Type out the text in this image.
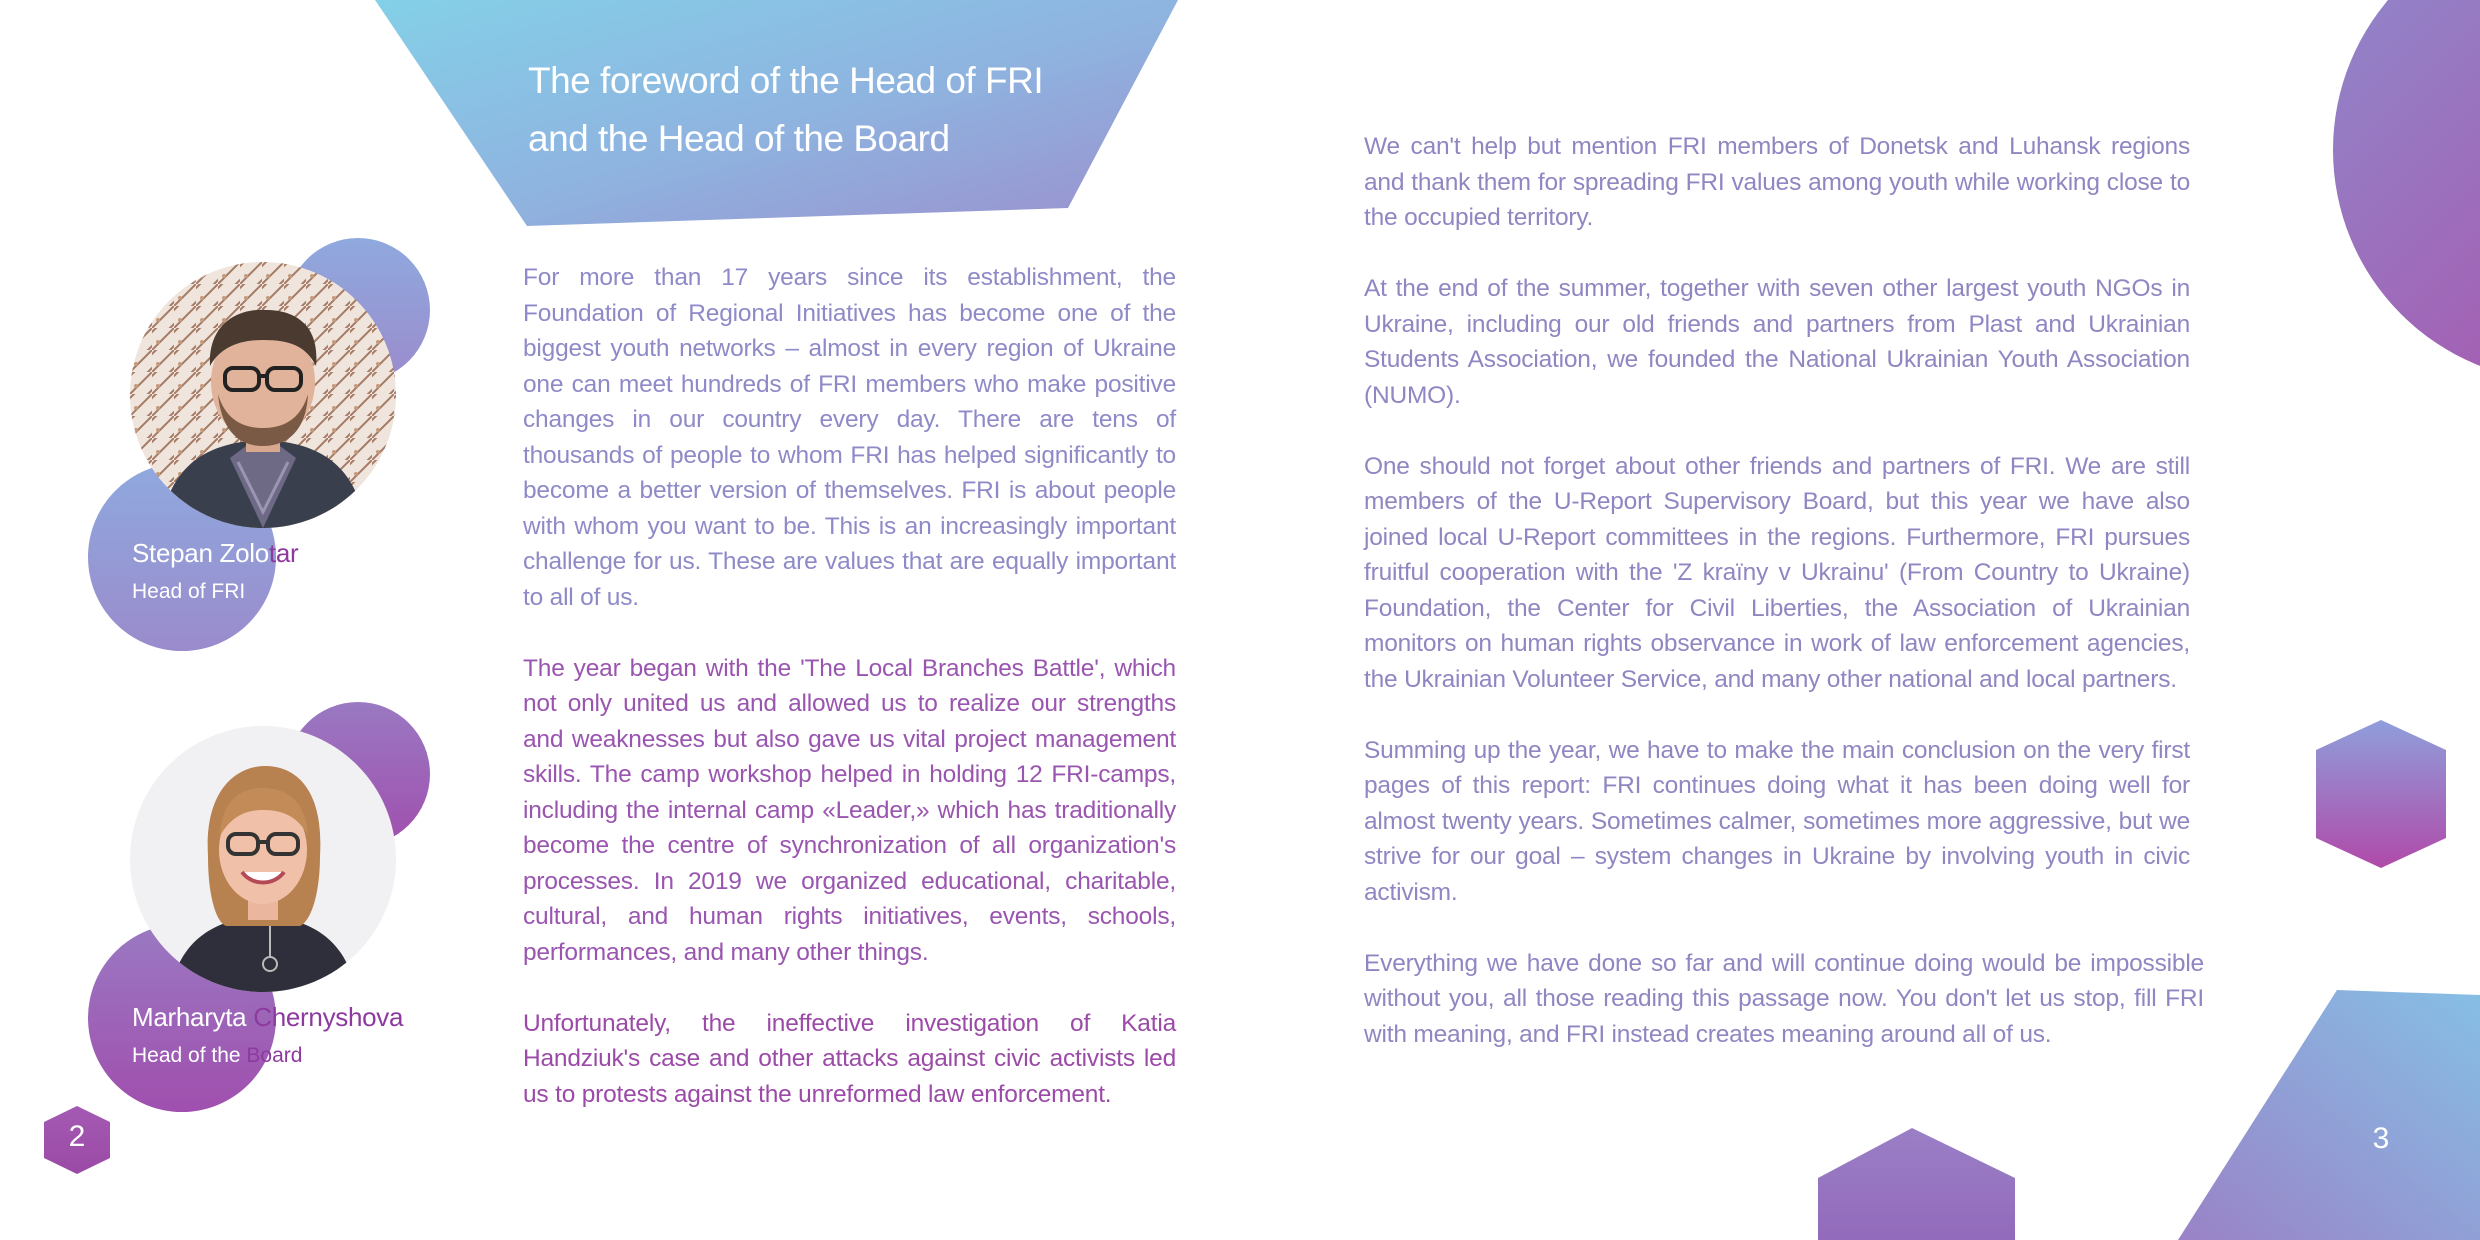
The foreword of the Head of FRI
and the Head of the Board
Stepan Zolotar
Head of FRI
Marharyta Chernyshova
Head of the Board

For more than 17 years since its establishment, the Foundation of Regional Initiatives has become one of the biggest youth networks – almost in every region of Ukraine one can meet hundreds of FRI members who make positive changes in our country every day. There are tens of thousands of people to whom FRI has helped significantly to become a better version of themselves. FRI is about people with whom you want to be. This is an increasingly important challenge for us. These are values that are equally important to all of us.

The year began with the 'The Local Branches Battle', which not only united us and allowed us to realize our strengths and weaknesses but also gave us vital project management skills. The camp workshop helped in holding 12 FRI-camps, including the internal camp «Leader,» which has traditionally become the centre of synchronization of all organization's processes. In 2019 we organized educational, charitable, cultural, and human rights initiatives, events, schools, performances, and many other things.

Unfortunately, the ineffective investigation of Katia Handziuk's case and other attacks against civic activists led us to protests against the unreformed law enforcement.

We can't help but mention FRI members of Donetsk and Luhansk regions and thank them for spreading FRI values among youth while working close to the occupied territory.

At the end of the summer, together with seven other largest youth NGOs in Ukraine, including our old friends and partners from Plast and Ukrainian Students Association, we founded the National Ukrainian Youth Association (NUMO).

One should not forget about other friends and partners of FRI. We are still members of the U-Report Supervisory Board, but this year we have also joined local U-Report committees in the regions. Furthermore, FRI pursues fruitful cooperation with the 'Z kraïny v Ukrainu' (From Country to Ukraine) Foundation, the Center for Civil Liberties, the Association of Ukrainian monitors on human rights observance in work of law enforcement agencies, the Ukrainian Volunteer Service, and many other national and local partners.

Summing up the year, we have to make the main conclusion on the very first pages of this report: FRI continues doing what it has been doing well for almost twenty years. Sometimes calmer, sometimes more aggressive, but we strive for our goal – system changes in Ukraine by involving youth in civic activism.

Everything we have done so far and will continue doing would be impossible without you, all those reading this passage now. You don't let us stop, fill FRI with meaning, and FRI instead creates meaning around all of us.

2	3
